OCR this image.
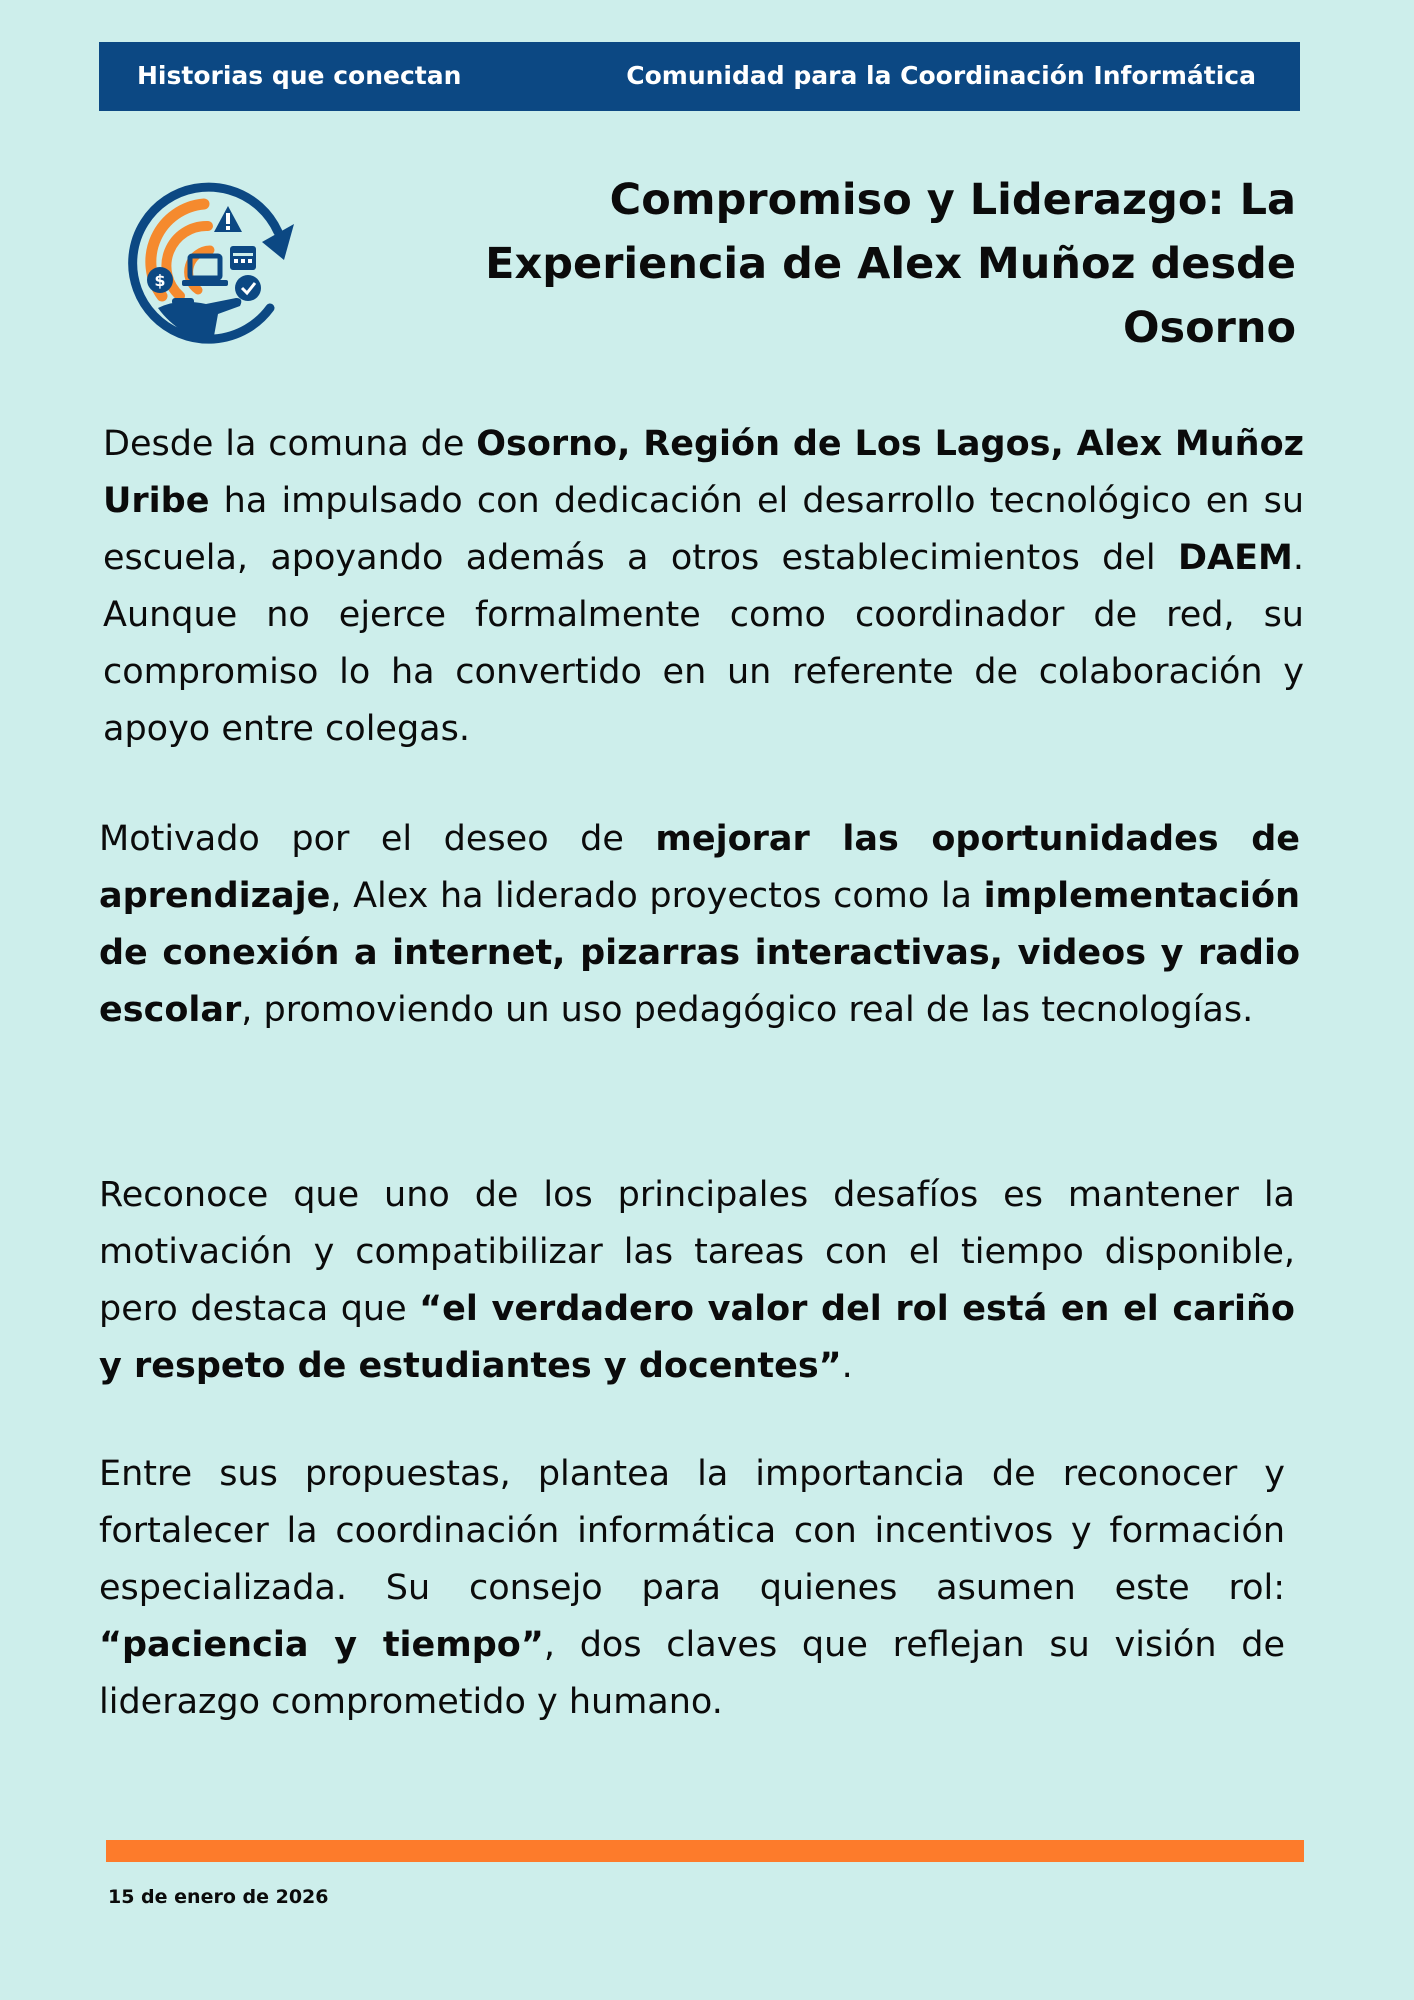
Historias que conectan	Comunidad para la Coordinación Informática
$
Compromiso y Liderazgo: La Experiencia de Alex Muñoz desde Osorno

Desde la comuna de Osorno, Región de Los Lagos, Alex Muñoz Uribe ha impulsado con dedicación el desarrollo tecnológico en su escuela, apoyando además a otros establecimientos del DAEM. Aunque no ejerce formalmente como coordinador de red, su compromiso lo ha convertido en un referente de colaboración y apoyo entre colegas.

Motivado por el deseo de mejorar las oportunidades de aprendizaje, Alex ha liderado proyectos como la implementación de conexión a internet, pizarras interactivas, videos y radio escolar, promoviendo un uso pedagógico real de las tecnologías.

Reconoce que uno de los principales desafíos es mantener la motivación y compatibilizar las tareas con el tiempo disponible, pero destaca que “el verdadero valor del rol está en el cariño y respeto de estudiantes y docentes”.

Entre sus propuestas, plantea la importancia de reconocer y fortalecer la coordinación informática con incentivos y formación especializada. Su consejo para quienes asumen este rol: “paciencia y tiempo”, dos claves que reflejan su visión de liderazgo comprometido y humano.

15 de enero de 2026
